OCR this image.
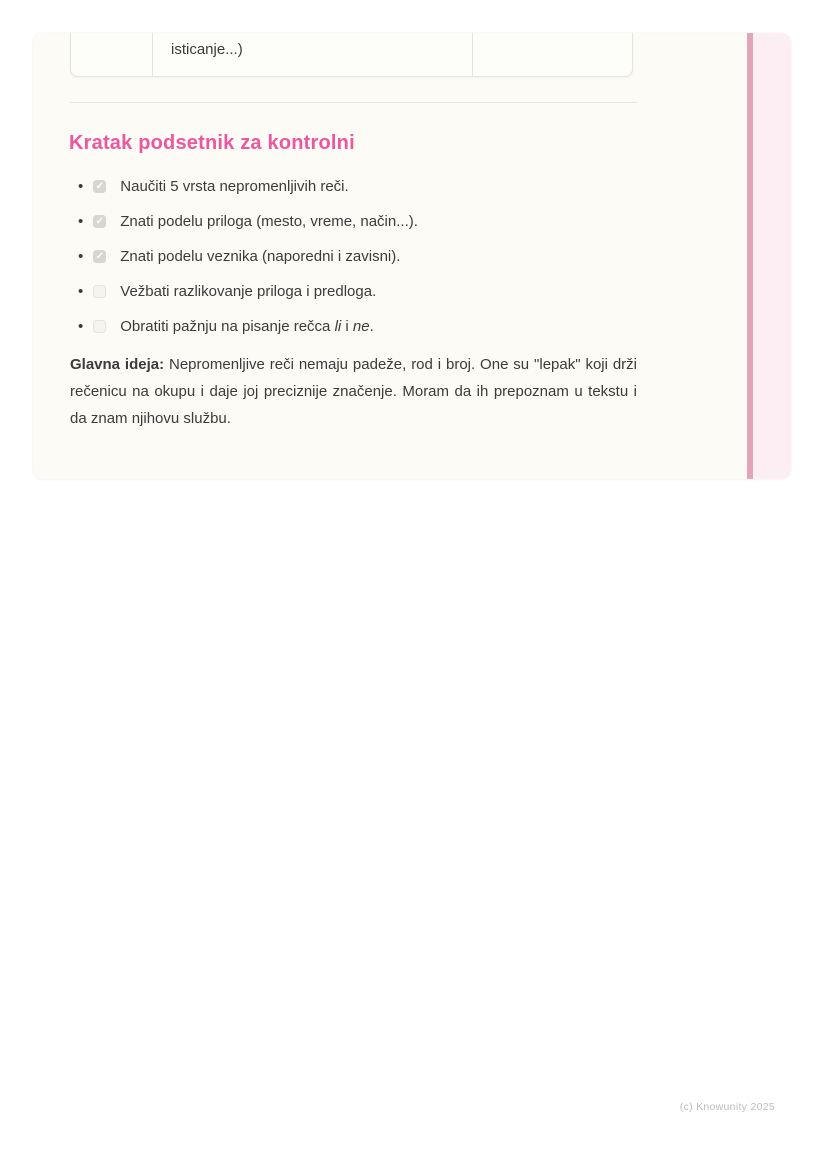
isticanje...)
Kratak podsetnik za kontrolni
• ✓ Naučiti 5 vrsta nepromenljivih reči.
• ✓ Znati podelu priloga (mesto, vreme, način...).
• ✓ Znati podelu veznika (naporedni i zavisni).
• Vežbati razlikovanje priloga i predloga.
• Obratiti pažnju na pisanje rečca li i ne.
Glavna ideja: Nepromenljive reči nemaju padeže, rod i broj. One su "lepak" koji drži rečenicu na okupu i daje joj preciznije značenje. Moram da ih prepoznam u tekstu i da znam njihovu službu.
(c) Knowunity 2025
